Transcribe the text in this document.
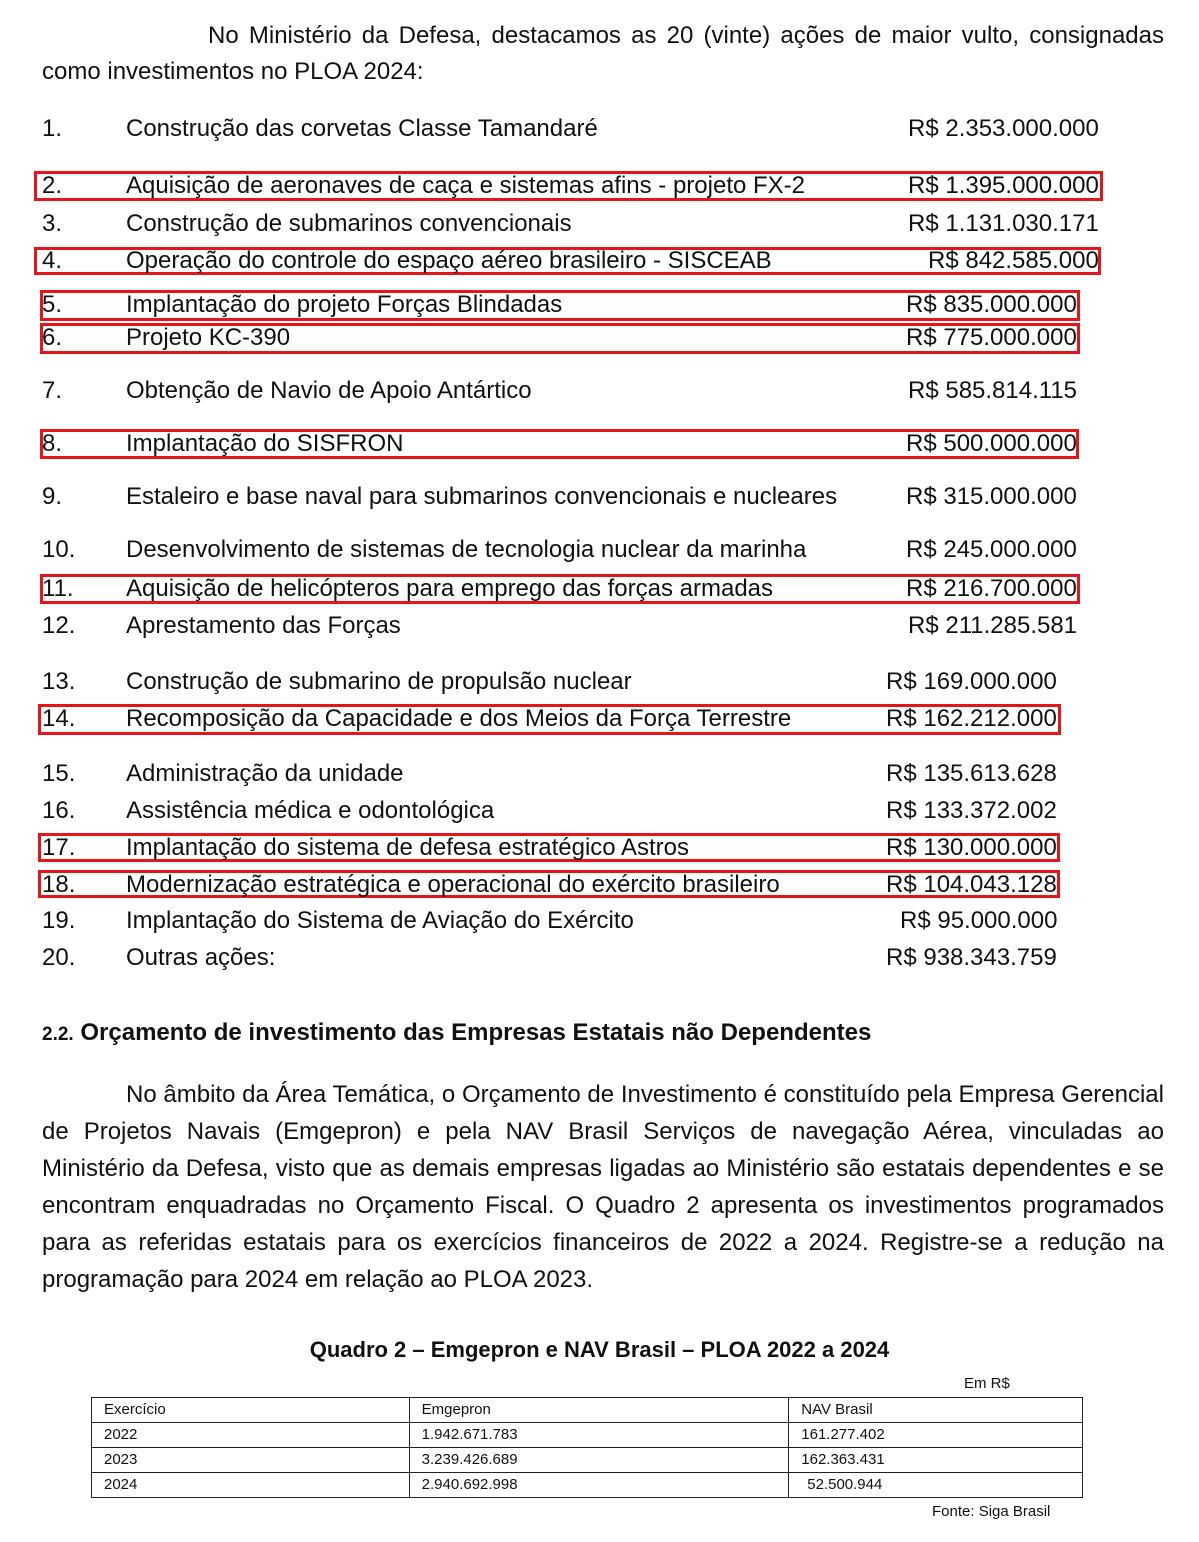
No Ministério da Defesa, destacamos as 20 (vinte) ações de maior vulto, consignadas como investimentos no PLOA 2024:
1.	Construção das corvetas Classe Tamandaré	R$ 2.353.000.000
2.	Aquisição de aeronaves de caça e sistemas afins - projeto FX-2	R$ 1.395.000.000
3.	Construção de submarinos convencionais	R$ 1.131.030.171
4.	Operação do controle do espaço aéreo brasileiro - SISCEAB	R$ 842.585.000
5.	Implantação do projeto Forças Blindadas	R$ 835.000.000
6.	Projeto KC-390	R$ 775.000.000
7.	Obtenção de Navio de Apoio Antártico	R$ 585.814.115
8.	Implantação do SISFRON	R$ 500.000.000
9.	Estaleiro e base naval para submarinos convencionais e nucleares	R$ 315.000.000
10. Desenvolvimento de sistemas de tecnologia nuclear da marinha	R$ 245.000.000
11. Aquisição de helicópteros para emprego das forças armadas	R$ 216.700.000
12. Aprestamento das Forças	R$ 211.285.581
13. Construção de submarino de propulsão nuclear	R$ 169.000.000
14. Recomposição da Capacidade e dos Meios da Força Terrestre	R$ 162.212.000
15. Administração da unidade	R$ 135.613.628
16. Assistência médica e odontológica	R$ 133.372.002
17. Implantação do sistema de defesa estratégico Astros	R$ 130.000.000
18. Modernização estratégica e operacional do exército brasileiro	R$ 104.043.128
19. Implantação do Sistema de Aviação do Exército	R$ 95.000.000
20. Outras ações:	R$ 938.343.759
2.2. Orçamento de investimento das Empresas Estatais não Dependentes
No âmbito da Área Temática, o Orçamento de Investimento é constituído pela Empresa Gerencial de Projetos Navais (Emgepron) e pela NAV Brasil Serviços de navegação Aérea, vinculadas ao Ministério da Defesa, visto que as demais empresas ligadas ao Ministério são estatais dependentes e se encontram enquadradas no Orçamento Fiscal. O Quadro 2 apresenta os investimentos programados para as referidas estatais para os exercícios financeiros de 2022 a 2024. Registre-se a redução na programação para 2024 em relação ao PLOA 2023.
Quadro 2 – Emgepron e NAV Brasil – PLOA 2022 a 2024
Em R$
Exercício	Emgepron	NAV Brasil
2022	1.942.671.783	161.277.402
2023	3.239.426.689	162.363.431
2024	2.940.692.998	52.500.944
Fonte: Siga Brasil
